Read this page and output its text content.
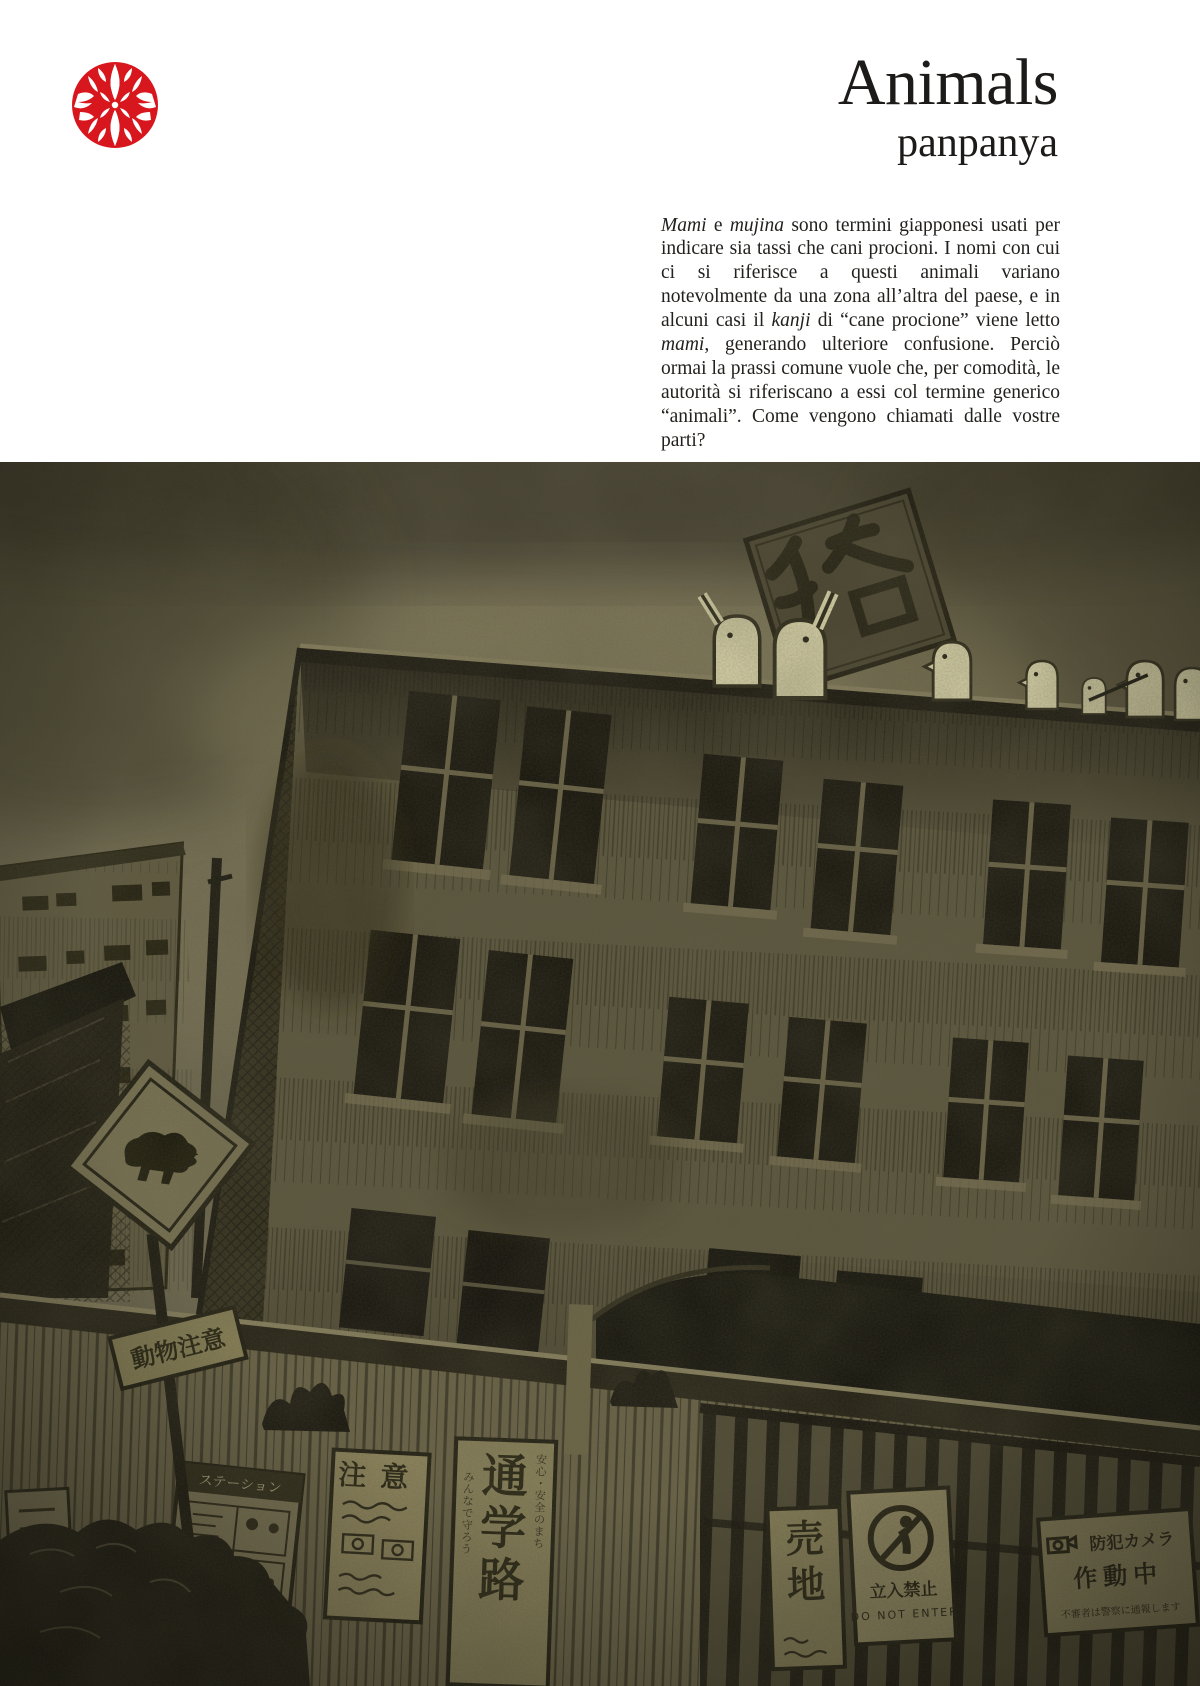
Animals
panpanya

Mami e mujina sono termini giapponesi usati per indicare sia tassi che cani procioni. I nomi con cui ci si riferisce a questi animali variano notevolmente da una zona all’altra del paese, e in alcuni casi il kanji di “cane procione” viene letto mami, generando ulteriore confusione. Perciò ormai la prassi comune vuole che, per comodità, le autorità si riferiscano a essi col termine generico “animali”. Come vengono chiamati dalle vostre parti?
